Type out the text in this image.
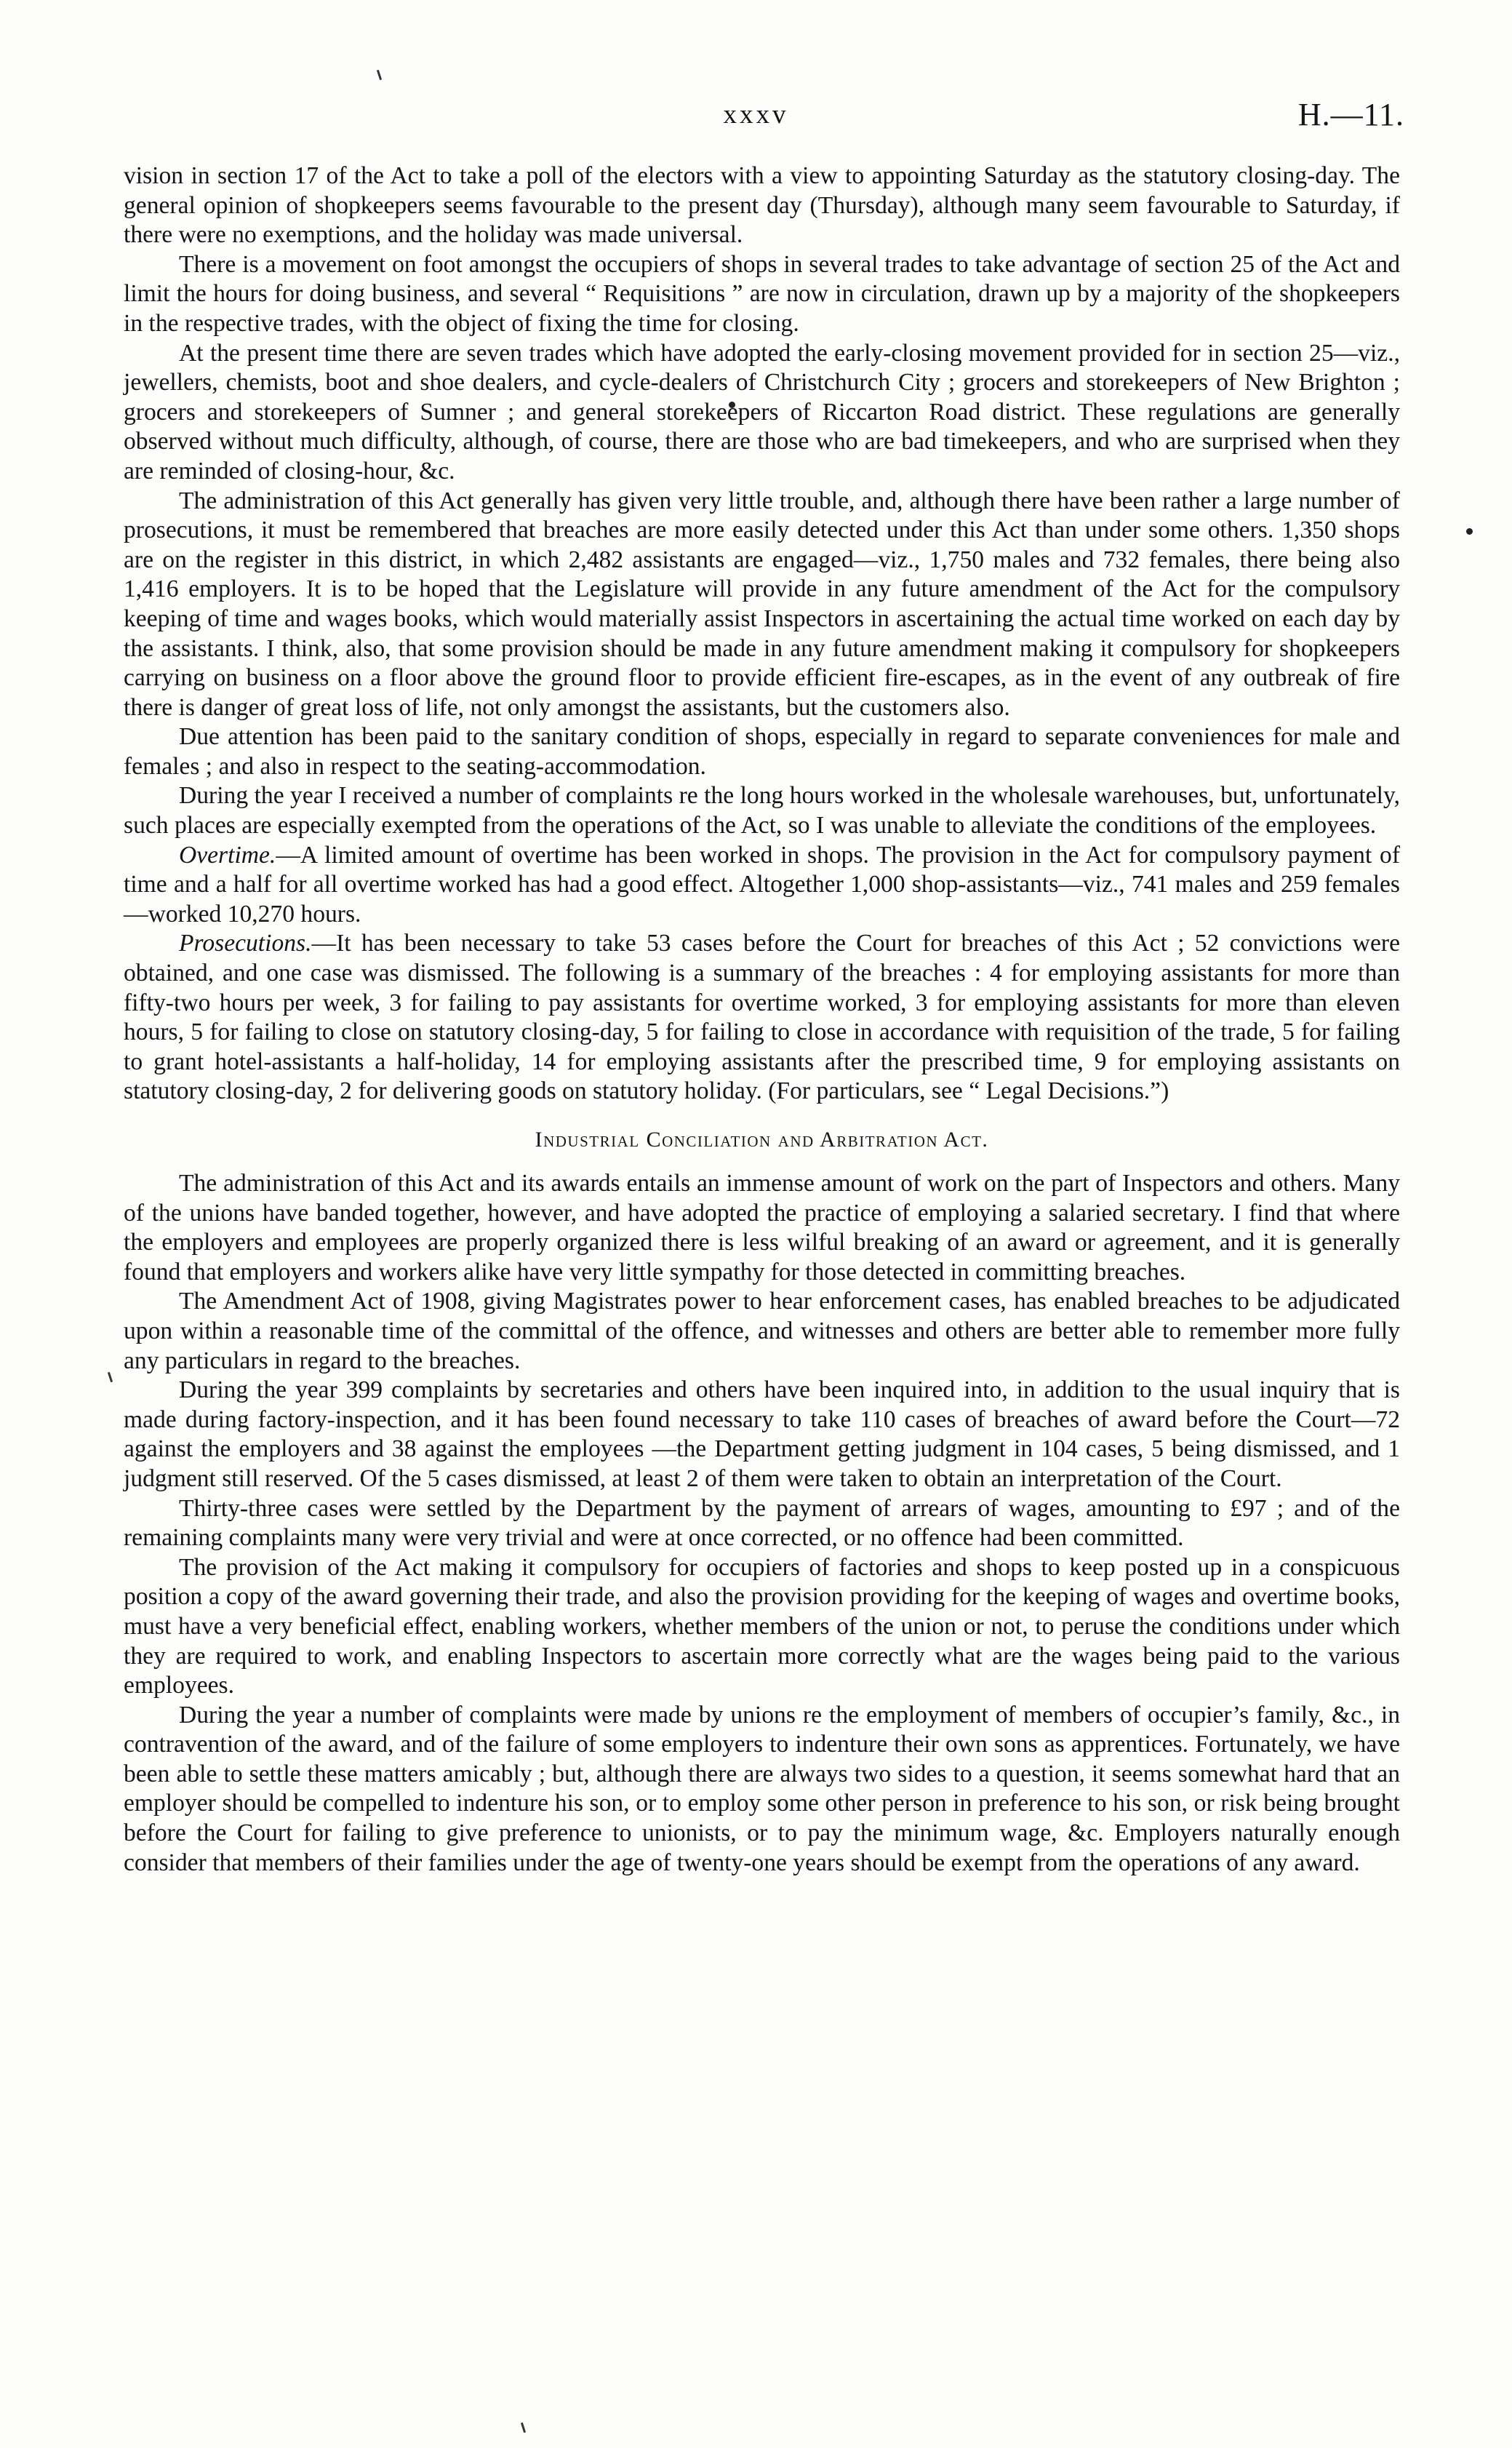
xxxv	H.—11.

vision in section 17 of the Act to take a poll of the electors with a view to appointing Saturday as the statutory closing-day. The general opinion of shopkeepers seems favourable to the present day (Thursday), although many seem favourable to Saturday, if there were no exemptions, and the holiday was made universal.

There is a movement on foot amongst the occupiers of shops in several trades to take advantage of section 25 of the Act and limit the hours for doing business, and several “ Requisitions ” are now in circulation, drawn up by a majority of the shopkeepers in the respective trades, with the object of fixing the time for closing.

At the present time there are seven trades which have adopted the early-closing movement provided for in section 25—viz., jewellers, chemists, boot and shoe dealers, and cycle-dealers of Christchurch City ; grocers and storekeepers of New Brighton ; grocers and storekeepers of Sumner ; and general storekeepers of Riccarton Road district. These regulations are generally observed without much difficulty, although, of course, there are those who are bad timekeepers, and who are surprised when they are reminded of closing-hour, &c.

The administration of this Act generally has given very little trouble, and, although there have been rather a large number of prosecutions, it must be remembered that breaches are more easily detected under this Act than under some others. 1,350 shops are on the register in this district, in which 2,482 assistants are engaged—viz., 1,750 males and 732 females, there being also 1,416 employers. It is to be hoped that the Legislature will provide in any future amendment of the Act for the compulsory keeping of time and wages books, which would materially assist Inspectors in ascertaining the actual time worked on each day by the assistants. I think, also, that some provision should be made in any future amendment making it compulsory for shopkeepers carrying on business on a floor above the ground floor to provide efficient fire-escapes, as in the event of any outbreak of fire there is danger of great loss of life, not only amongst the assistants, but the customers also.

Due attention has been paid to the sanitary condition of shops, especially in regard to separate conveniences for male and females ; and also in respect to the seating-accommodation.

During the year I received a number of complaints re the long hours worked in the wholesale warehouses, but, unfortunately, such places are especially exempted from the operations of the Act, so I was unable to alleviate the conditions of the employees.

Overtime.—A limited amount of overtime has been worked in shops. The provision in the Act for compulsory payment of time and a half for all overtime worked has had a good effect. Altogether 1,000 shop-assistants—viz., 741 males and 259 females—worked 10,270 hours.

Prosecutions.—It has been necessary to take 53 cases before the Court for breaches of this Act ; 52 convictions were obtained, and one case was dismissed. The following is a summary of the breaches : 4 for employing assistants for more than fifty-two hours per week, 3 for failing to pay assistants for overtime worked, 3 for employing assistants for more than eleven hours, 5 for failing to close on statutory closing-day, 5 for failing to close in accordance with requisition of the trade, 5 for failing to grant hotel-assistants a half-holiday, 14 for employing assistants after the prescribed time, 9 for employing assistants on statutory closing-day, 2 for delivering goods on statutory holiday. (For particulars, see “ Legal Decisions.”)

Industrial Conciliation and Arbitration Act.

The administration of this Act and its awards entails an immense amount of work on the part of Inspectors and others. Many of the unions have banded together, however, and have adopted the practice of employing a salaried secretary. I find that where the employers and employees are properly organized there is less wilful breaking of an award or agreement, and it is generally found that employers and workers alike have very little sympathy for those detected in committing breaches.

The Amendment Act of 1908, giving Magistrates power to hear enforcement cases, has enabled breaches to be adjudicated upon within a reasonable time of the committal of the offence, and witnesses and others are better able to remember more fully any particulars in regard to the breaches.

During the year 399 complaints by secretaries and others have been inquired into, in addition to the usual inquiry that is made during factory-inspection, and it has been found necessary to take 110 cases of breaches of award before the Court—72 against the employers and 38 against the employees —the Department getting judgment in 104 cases, 5 being dismissed, and 1 judgment still reserved. Of the 5 cases dismissed, at least 2 of them were taken to obtain an interpretation of the Court.

Thirty-three cases were settled by the Department by the payment of arrears of wages, amounting to £97 ; and of the remaining complaints many were very trivial and were at once corrected, or no offence had been committed.

The provision of the Act making it compulsory for occupiers of factories and shops to keep posted up in a conspicuous position a copy of the award governing their trade, and also the provision providing for the keeping of wages and overtime books, must have a very beneficial effect, enabling workers, whether members of the union or not, to peruse the conditions under which they are required to work, and enabling Inspectors to ascertain more correctly what are the wages being paid to the various employees.

During the year a number of complaints were made by unions re the employment of members of occupier’s family, &c., in contravention of the award, and of the failure of some employers to indenture their own sons as apprentices. Fortunately, we have been able to settle these matters amicably ; but, although there are always two sides to a question, it seems somewhat hard that an employer should be compelled to indenture his son, or to employ some other person in preference to his son, or risk being brought before the Court for failing to give preference to unionists, or to pay the minimum wage, &c. Employers naturally enough consider that members of their families under the age of twenty-one years should be exempt from the operations of any award.
